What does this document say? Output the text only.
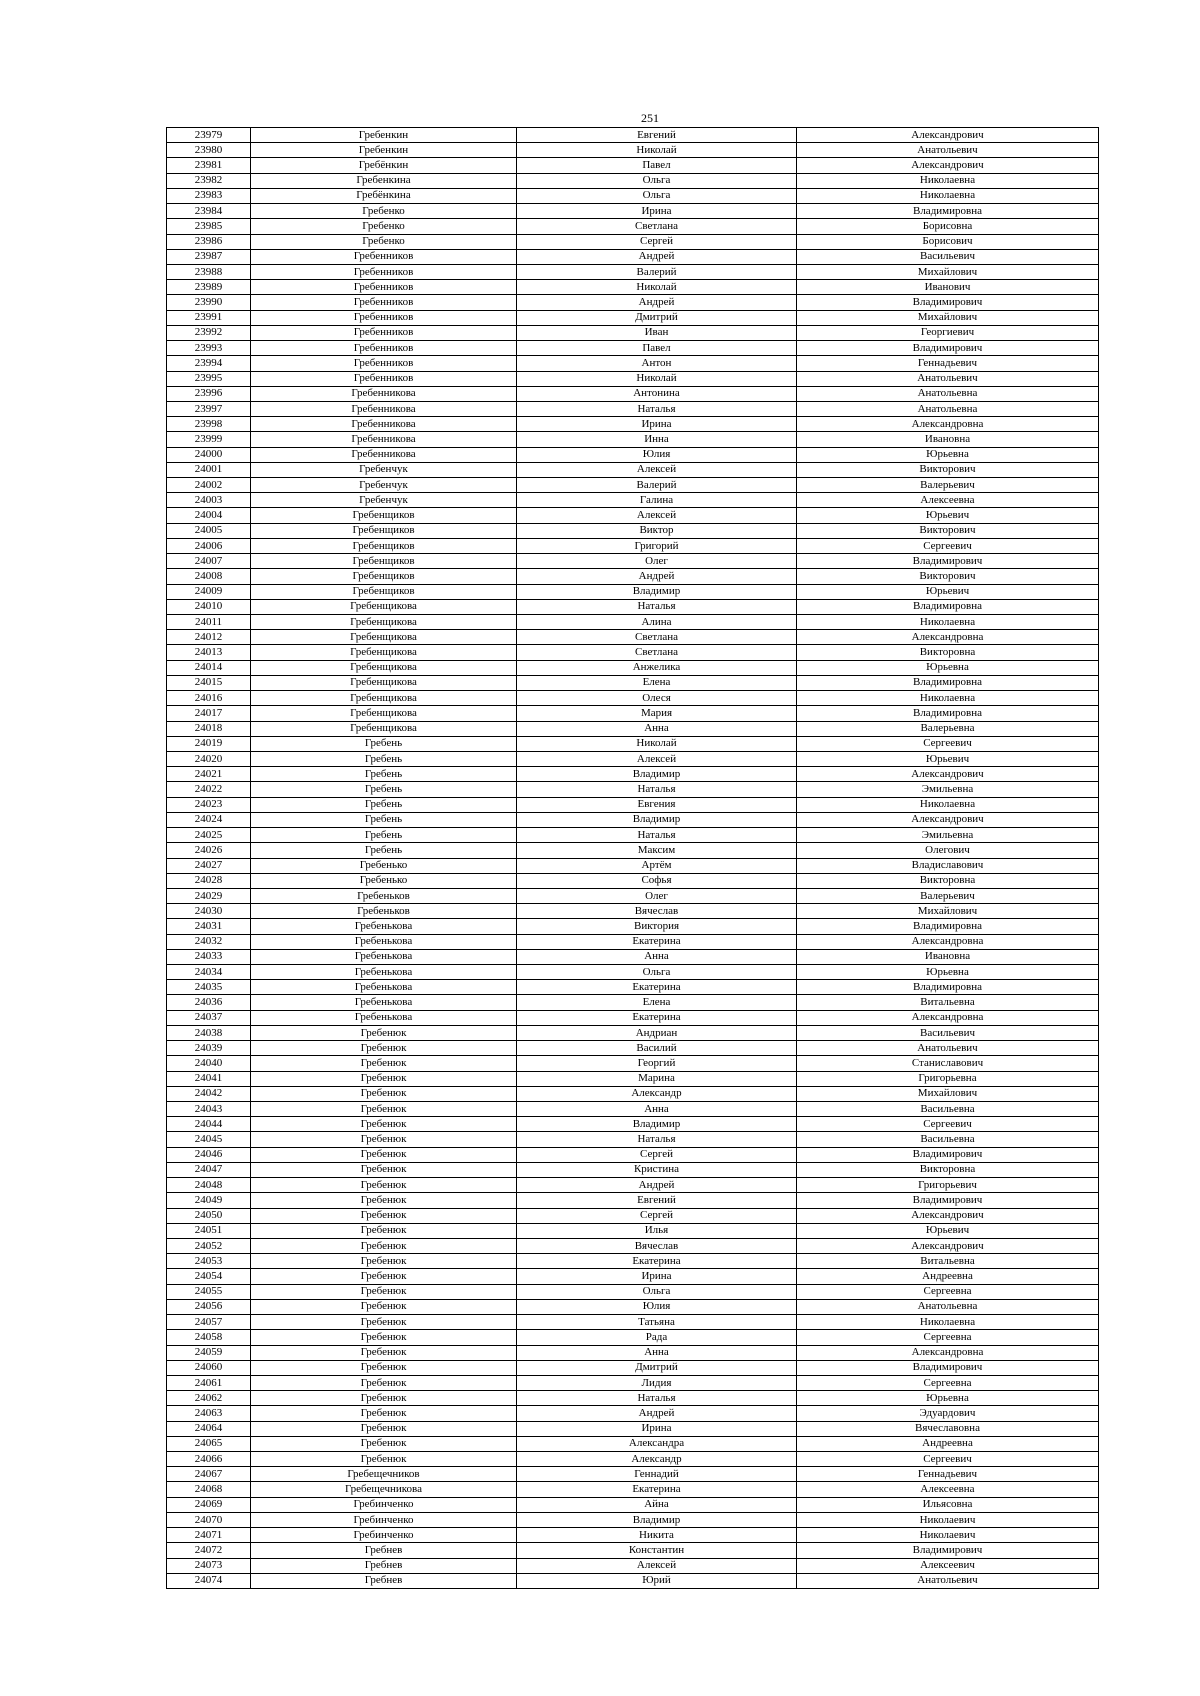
251
23979	Гребенкин	Евгений	Александрович
23980	Гребенкин	Николай	Анатольевич
23981	Гребёнкин	Павел	Александрович
23982	Гребенкина	Ольга	Николаевна
23983	Гребёнкина	Ольга	Николаевна
23984	Гребенко	Ирина	Владимировна
23985	Гребенко	Светлана	Борисовна
23986	Гребенко	Сергей	Борисович
23987	Гребенников	Андрей	Васильевич
23988	Гребенников	Валерий	Михайлович
23989	Гребенников	Николай	Иванович
23990	Гребенников	Андрей	Владимирович
23991	Гребенников	Дмитрий	Михайлович
23992	Гребенников	Иван	Георгиевич
23993	Гребенников	Павел	Владимирович
23994	Гребенников	Антон	Геннадьевич
23995	Гребенников	Николай	Анатольевич
23996	Гребенникова	Антонина	Анатольевна
23997	Гребенникова	Наталья	Анатольевна
23998	Гребенникова	Ирина	Александровна
23999	Гребенникова	Инна	Ивановна
24000	Гребенникова	Юлия	Юрьевна
24001	Гребенчук	Алексей	Викторович
24002	Гребенчук	Валерий	Валерьевич
24003	Гребенчук	Галина	Алексеевна
24004	Гребенщиков	Алексей	Юрьевич
24005	Гребенщиков	Виктор	Викторович
24006	Гребенщиков	Григорий	Сергеевич
24007	Гребенщиков	Олег	Владимирович
24008	Гребенщиков	Андрей	Викторович
24009	Гребенщиков	Владимир	Юрьевич
24010	Гребенщикова	Наталья	Владимировна
24011	Гребенщикова	Алина	Николаевна
24012	Гребенщикова	Светлана	Александровна
24013	Гребенщикова	Светлана	Викторовна
24014	Гребенщикова	Анжелика	Юрьевна
24015	Гребенщикова	Елена	Владимировна
24016	Гребенщикова	Олеся	Николаевна
24017	Гребенщикова	Мария	Владимировна
24018	Гребенщикова	Анна	Валерьевна
24019	Гребень	Николай	Сергеевич
24020	Гребень	Алексей	Юрьевич
24021	Гребень	Владимир	Александрович
24022	Гребень	Наталья	Эмильевна
24023	Гребень	Евгения	Николаевна
24024	Гребень	Владимир	Александрович
24025	Гребень	Наталья	Эмильевна
24026	Гребень	Максим	Олегович
24027	Гребенько	Артём	Владиславович
24028	Гребенько	Софья	Викторовна
24029	Гребеньков	Олег	Валерьевич
24030	Гребеньков	Вячеслав	Михайлович
24031	Гребенькова	Виктория	Владимировна
24032	Гребенькова	Екатерина	Александровна
24033	Гребенькова	Анна	Ивановна
24034	Гребенькова	Ольга	Юрьевна
24035	Гребенькова	Екатерина	Владимировна
24036	Гребенькова	Елена	Витальевна
24037	Гребенькова	Екатерина	Александровна
24038	Гребенюк	Андриан	Васильевич
24039	Гребенюк	Василий	Анатольевич
24040	Гребенюк	Георгий	Станиславович
24041	Гребенюк	Марина	Григорьевна
24042	Гребенюк	Александр	Михайлович
24043	Гребенюк	Анна	Васильевна
24044	Гребенюк	Владимир	Сергеевич
24045	Гребенюк	Наталья	Васильевна
24046	Гребенюк	Сергей	Владимирович
24047	Гребенюк	Кристина	Викторовна
24048	Гребенюк	Андрей	Григорьевич
24049	Гребенюк	Евгений	Владимирович
24050	Гребенюк	Сергей	Александрович
24051	Гребенюк	Илья	Юрьевич
24052	Гребенюк	Вячеслав	Александрович
24053	Гребенюк	Екатерина	Витальевна
24054	Гребенюк	Ирина	Андреевна
24055	Гребенюк	Ольга	Сергеевна
24056	Гребенюк	Юлия	Анатольевна
24057	Гребенюк	Татьяна	Николаевна
24058	Гребенюк	Рада	Сергеевна
24059	Гребенюк	Анна	Александровна
24060	Гребенюк	Дмитрий	Владимирович
24061	Гребенюк	Лидия	Сергеевна
24062	Гребенюк	Наталья	Юрьевна
24063	Гребенюк	Андрей	Эдуардович
24064	Гребенюк	Ирина	Вячеславовна
24065	Гребенюк	Александра	Андреевна
24066	Гребенюк	Александр	Сергеевич
24067	Гребещечников	Геннадий	Геннадьевич
24068	Гребещечникова	Екатерина	Алексеевна
24069	Гребинченко	Айна	Ильясовна
24070	Гребинченко	Владимир	Николаевич
24071	Гребинченко	Никита	Николаевич
24072	Гребнев	Константин	Владимирович
24073	Гребнев	Алексей	Алексеевич
24074	Гребнев	Юрий	Анатольевич
